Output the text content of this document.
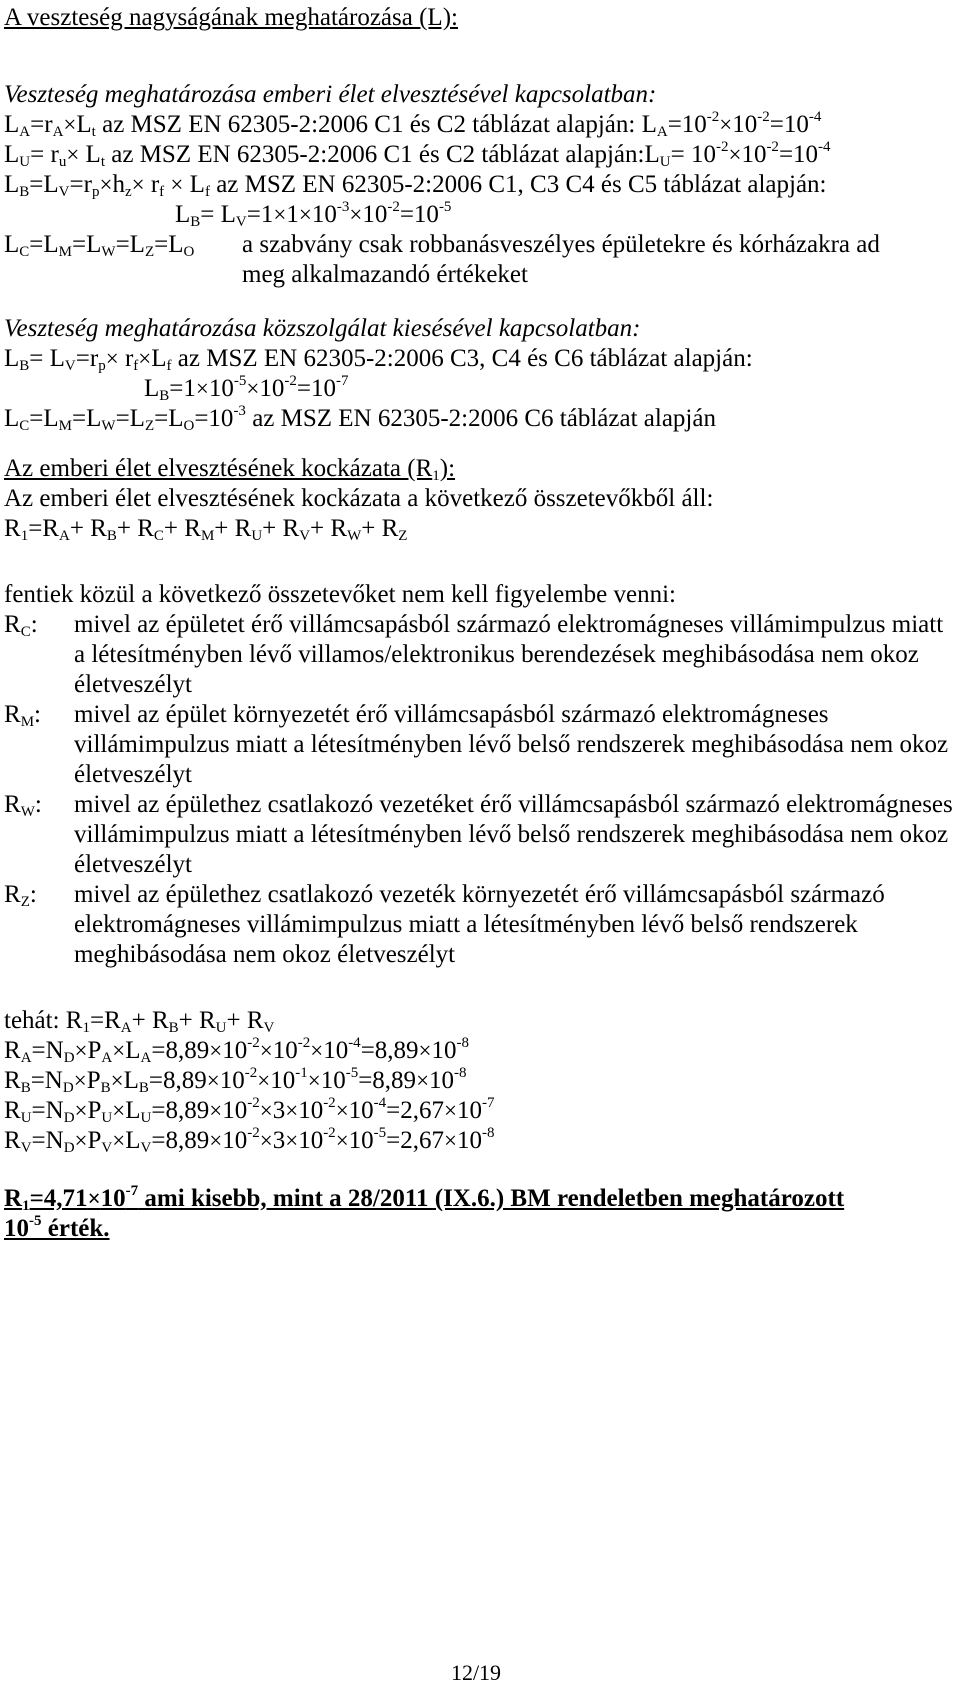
A veszteség nagyságának meghatározása (L):
Veszteség meghatározása emberi élet elvesztésével kapcsolatban:
$L_A=r_A\times L_t$ az MSZ EN 62305-2:2006 C1 és C2 táblázat alapján: $L_A=10^{-2}\times 10^{-2}=10^{-4}$
$L_U= r_u\times L_t$ az MSZ EN 62305-2:2006 C1 és C2 táblázat $alapján:L_U= 10^{-2}\times 10^{-2}=10^{-4}$
$L_B=L_V=r_p\times h_z\times r_f \times L_f$ az MSZ EN 62305-2:2006 C1, C3 C4 és C5 táblázat alapján:
$L_B= L_V=1\times 1\times 10^{-3}\times 10^{-2}=10^{-5}$
$L_C=L_M=L_W=L_Z=L_O$	a szabvány csak robbanásveszélyes épületekre és kórházakra ad
meg alkalmazandó értékeket
Veszteség meghatározása közszolgálat kiesésével kapcsolatban:
$L_B= L_V=r_p\times r_f\times L_f$ az MSZ EN 62305-2:2006 C3, C4 és C6 táblázat alapján:
$L_B=1\times 10^{-5}\times 10^{-2}=10^{-7}$
$L_C=L_M=L_W=L_Z=L_O=10^{-3}$ az MSZ EN 62305-2:2006 C6 táblázat alapján
Az emberi élet elvesztésének kockázata $(R_1)$:
Az emberi élet elvesztésének kockázata a következő összetevőkből áll:
$R_1=R_A+ R_B+ R_C+ R_M+ R_U+ R_V+ R_W+ R_Z$
fentiek közül a következő összetevőket nem kell figyelembe venni:
$R_C$:	mivel az épületet érő villámcsapásból származó elektromágneses villámimpulzus miatt a létesítményben lévő villamos/elektronikus berendezések meghibásodása nem okoz életveszélyt
$R_M$:	mivel az épület környezetét érő villámcsapásból származó elektromágneses villámimpulzus miatt a létesítményben lévő belső rendszerek meghibásodása nem okoz életveszélyt
$R_W$:	mivel az épülethez csatlakozó vezetéket érő villámcsapásból származó elektromágneses villámimpulzus miatt a létesítményben lévő belső rendszerek meghibásodása nem okoz életveszélyt
$R_Z$:	mivel az épülethez csatlakozó vezeték környezetét érő villámcsapásból származó elektromágneses villámimpulzus miatt a létesítményben lévő belső rendszerek meghibásodása nem okoz életveszélyt
tehát: $R_1=R_A+ R_B+ R_U+ R_V$
$R_A=N_D\times P_A\times L_A=8,89\times 10^{-2}\times 10^{-2}\times 10^{-4}=8,89\times 10^{-8}$
$R_B=N_D\times P_B\times L_B=8,89\times 10^{-2}\times 10^{-1}\times 10^{-5}=8,89\times 10^{-8}$
$R_U=N_D\times P_U\times L_U=8,89\times 10^{-2}\times 3\times 10^{-2}\times 10^{-4}=2,67\times 10^{-7}$
$R_V=N_D\times P_V\times L_V=8,89\times 10^{-2}\times 3\times 10^{-2}\times 10^{-5}=2,67\times 10^{-8}$
$R_1=4,71\times 10^{-7}$ ami kisebb, mint a 28/2011 (IX.6.) BM rendeletben meghatározott
$10^{-5}$ érték.
12/19
